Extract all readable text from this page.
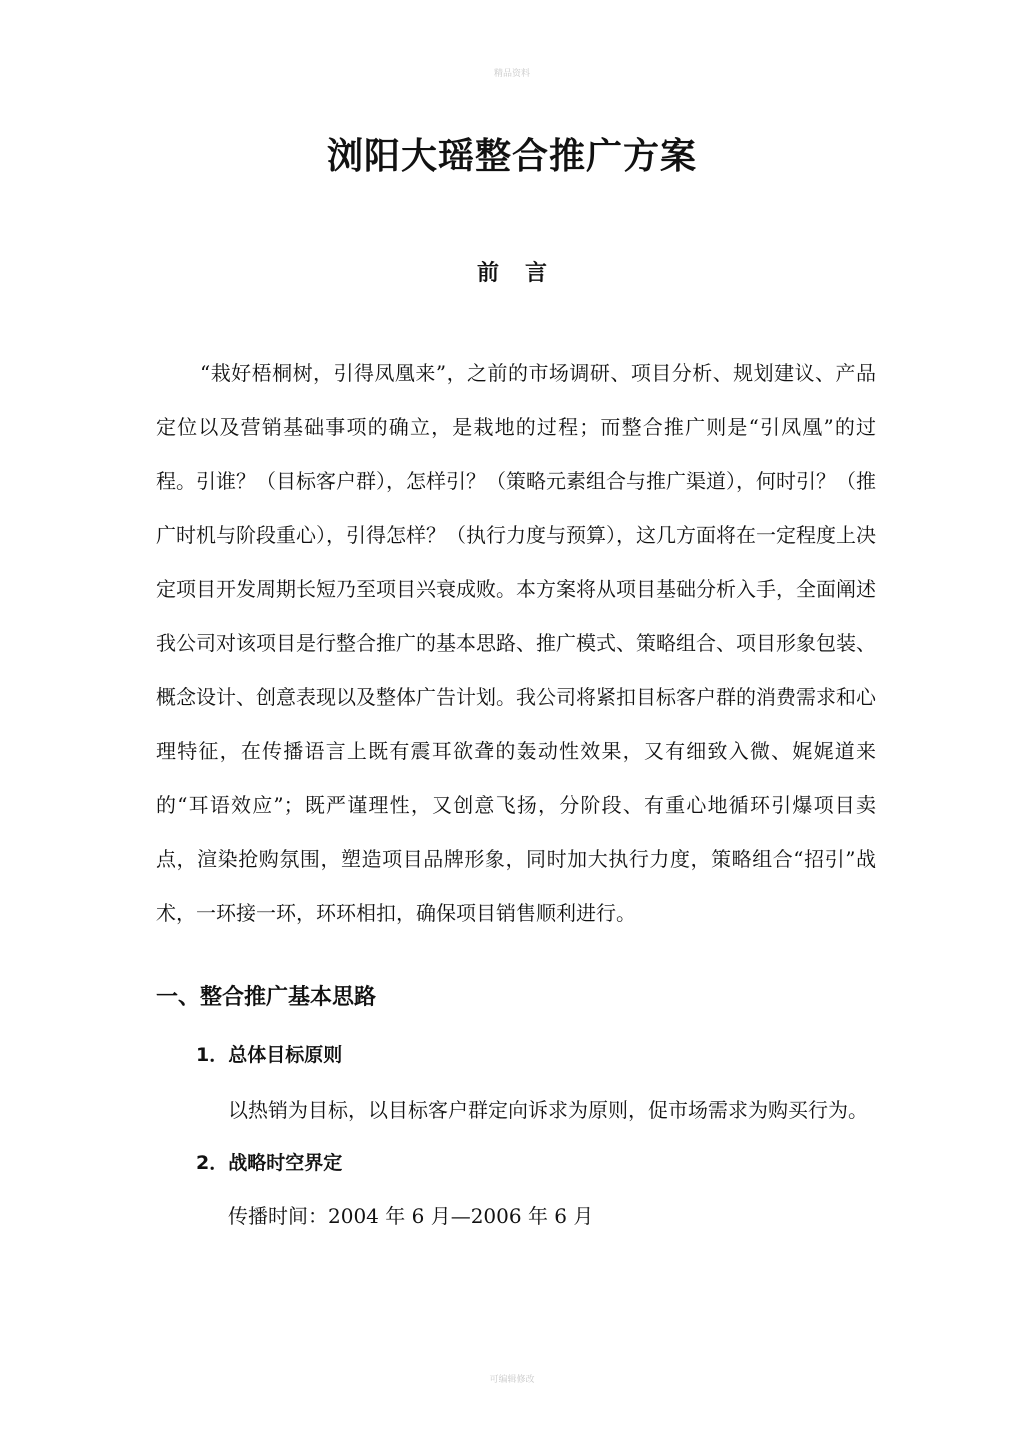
精品资料
浏阳大瑶整合推广方案
前言

“栽好梧桐树，引得凤凰来”，之前的市场调研、项目分析、规划建议、产品定位以及营销基础事项的确立，是栽地的过程；而整合推广则是“引凤凰”的过程。引谁？（目标客户群），怎样引？（策略元素组合与推广渠道），何时引？（推广时机与阶段重心），引得怎样？（执行力度与预算），这几方面将在一定程度上决定项目开发周期长短乃至项目兴衰成败。本方案将从项目基础分析入手，全面阐述我公司对该项目是行整合推广的基本思路、推广模式、策略组合、项目形象包装、概念设计、创意表现以及整体广告计划。我公司将紧扣目标客户群的消费需求和心理特征，在传播语言上既有震耳欲聋的轰动性效果，又有细致入微、娓娓道来的“耳语效应”；既严谨理性，又创意飞扬，分阶段、有重心地循环引爆项目卖点，渲染抢购氛围，塑造项目品牌形象，同时加大执行力度，策略组合“招引”战术，一环接一环，环环相扣，确保项目销售顺利进行。

一、整合推广基本思路
1．总体目标原则
以热销为目标，以目标客户群定向诉求为原则，促市场需求为购买行为。
2．战略时空界定
传播时间：2004 年 6 月—2006 年 6 月
可编辑修改
